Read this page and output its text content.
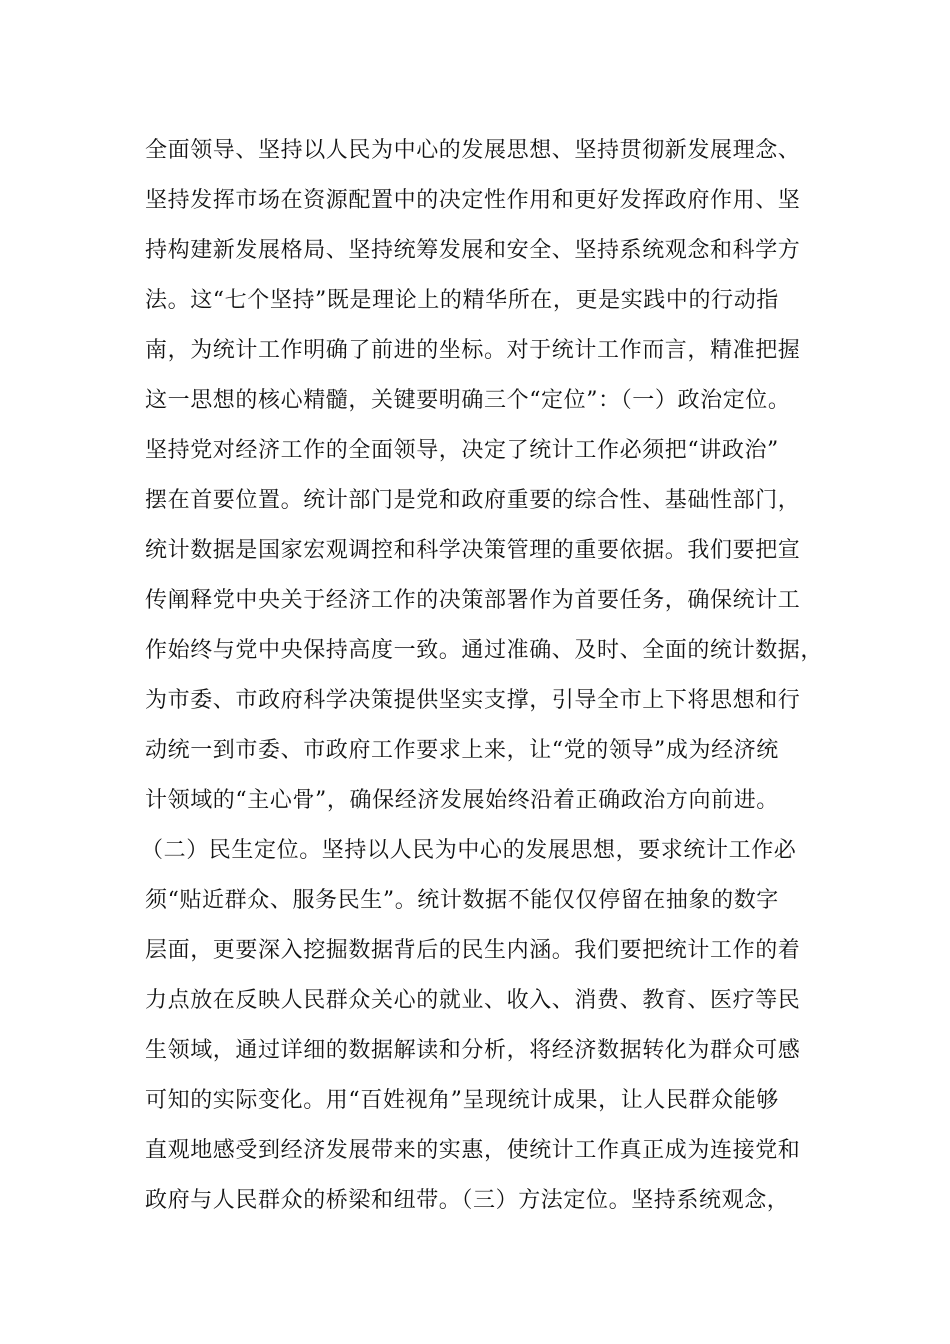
全面领导、坚持以人民为中心的发展思想、坚持贯彻新发展理念、
坚持发挥市场在资源配置中的决定性作用和更好发挥政府作用、坚
持构建新发展格局、坚持统筹发展和安全、坚持系统观念和科学方
法。这“七个坚持”既是理论上的精华所在，更是实践中的行动指
南，为统计工作明确了前进的坐标。对于统计工作而言，精准把握
这一思想的核心精髓，关键要明确三个“定位”：（一）政治定位。
坚持党对经济工作的全面领导，决定了统计工作必须把“讲政治”
摆在首要位置。统计部门是党和政府重要的综合性、基础性部门，
统计数据是国家宏观调控和科学决策管理的重要依据。我们要把宣
传阐释党中央关于经济工作的决策部署作为首要任务，确保统计工
作始终与党中央保持高度一致。通过准确、及时、全面的统计数据，
为市委、市政府科学决策提供坚实支撑，引导全市上下将思想和行
动统一到市委、市政府工作要求上来，让“党的领导”成为经济统
计领域的“主心骨”，确保经济发展始终沿着正确政治方向前进。
（二）民生定位。坚持以人民为中心的发展思想，要求统计工作必
须“贴近群众、服务民生”。统计数据不能仅仅停留在抽象的数字
层面，更要深入挖掘数据背后的民生内涵。我们要把统计工作的着
力点放在反映人民群众关心的就业、收入、消费、教育、医疗等民
生领域，通过详细的数据解读和分析，将经济数据转化为群众可感
可知的实际变化。用“百姓视角”呈现统计成果，让人民群众能够
直观地感受到经济发展带来的实惠，使统计工作真正成为连接党和
政府与人民群众的桥梁和纽带。（三）方法定位。坚持系统观念，
